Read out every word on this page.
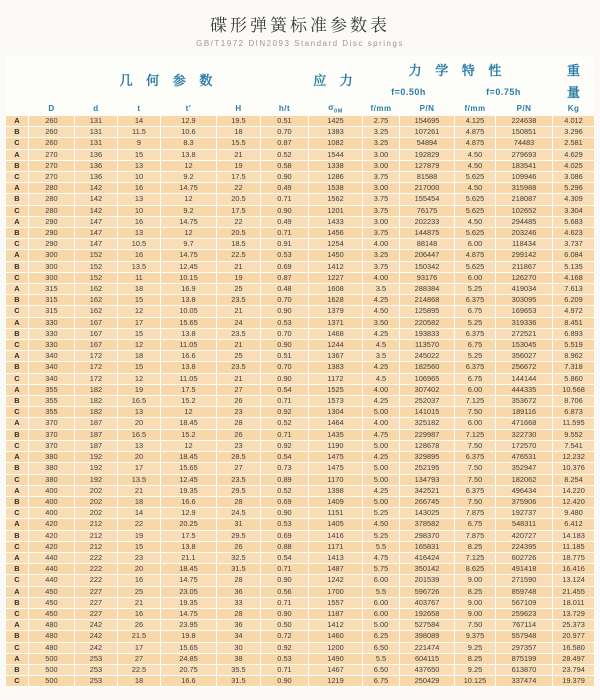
碟形弹簧标准参数表
GB/T1972 DIN2093 Standard Disc springs
	几 何 参 数						应 力	力 学 特 性				重
								f=0.50h		f=0.75h		量
	D	d	t	t'	H	h/t	$\sigma_{0M}$	f/mm	P/N	f/mm	P/N	Kg
A	260	131	14	12.9	19.5	0.51	1425	2.75	154695	4.125	224638	4.012
B	260	131	11.5	10.6	18	0.70	1383	3.25	107261	4.875	150851	3.296
C	260	131	9	8.3	15.5	0.87	1082	3.25	54894	4.875	74483	2.581
A	270	136	15	13.8	21	0.52	1544	3.00	192829	4.50	279693	4.629
B	270	136	13	12	19	0.58	1338	3.00	127879	4.50	183541	4.025
C	270	136	10	9.2	17.5	0.90	1286	3.75	81588	5.625	109946	3.086
A	280	142	16	14.75	22	0.49	1538	3.00	217000	4.50	315988	5.296
B	280	142	13	12	20.5	0.71	1562	3.75	155454	5.625	218087	4.309
C	280	142	10	9.2	17.5	0.90	1201	3.75	76175	5.625	102652	3.304
A	290	147	16	14.75	22	0.49	1433	3.00	202233	4.50	294485	5.683
B	290	147	13	12	20.5	0.71	1456	3.75	144875	5.625	203246	4.623
C	290	147	10.5	9.7	18.5	0.91	1254	4.00	88148	6.00	118434	3.737
A	300	152	16	14.75	22.5	0.53	1450	3.25	206447	4.875	299142	6.084
B	300	152	13.5	12.45	21	0.69	1412	3.75	150342	5.625	211867	5.135
C	300	152	11	10.15	19	0.87	1227	4.00	93176	6.00	126270	4.168
A	315	162	18	16.9	25	0.48	1608	3.5	288384	5.25	419034	7.613
B	315	162	15	13.8	23.5	0.70	1628	4.25	214868	6.375	303095	6.209
C	315	162	12	10.05	21	0.90	1379	4.50	125895	6.75	169653	4.972
A	330	167	17	15.65	24	0.53	1371	3.50	220582	5.25	319336	8.451
B	330	167	15	13.8	23.5	0.70	1468	4.25	193833	6.375	272521	6.893
C	330	167	12	11.05	21	0.90	1244	4.5	113570	6.75	153045	5.519
A	340	172	18	16.6	25	0.51	1367	3.5	245022	5.25	356027	8.962
B	340	172	15	13.8	23.5	0.70	1383	4.25	182560	6.375	256672	7.318
C	340	172	12	11.05	21	0.90	1172	4.5	106965	6.75	144144	5.860
A	355	182	19	17.5	27	0.54	1525	4.00	307402	6.00	444335	10.568
B	355	182	16.5	15.2	26	0.71	1573	4.25	252037	7.125	353672	8.706
C	355	182	13	12	23	0.92	1304	5.00	141015	7.50	189116	6.873
A	370	187	20	18.45	28	0.52	1464	4.00	325182	6.00	471668	11.595
B	370	187	16.5	15.2	26	0.71	1435	4.75	229987	7.125	322730	9.552
C	370	187	13	12	23	0.92	1190	5.00	128678	7.50	172570	7.541
A	380	192	20	18.45	28.5	0.54	1475	4.25	329895	6.375	476531	12.232
B	380	192	17	15.65	27	0.73	1475	5.00	252195	7.50	352947	10.376
C	380	192	13.5	12.45	23.5	0.89	1170	5.00	134793	7.50	182062	8.254
A	400	202	21	19.35	29.5	0.52	1398	4.25	342521	6.375	496434	14.220
B	400	202	18	16.6	28	0.69	1409	5.00	266745	7.50	375906	12.420
C	400	202	14	12.9	24.5	0.90	1151	5.25	143025	7.875	192737	9.480
A	420	212	22	20.25	31	0.53	1405	4.50	378582	6.75	548311	6.412
B	420	212	19	17.5	29.5	0.69	1416	5.25	298370	7.875	420727	14.183
C	420	212	15	13.8	26	0.88	1171	5.5	165831	8.25	224395	11.185
A	440	222	23	21.1	32.5	0.54	1413	4.75	416424	7.125	602726	18.775
B	440	222	20	18.45	31.5	0.71	1487	5.75	350142	8.625	491418	16.416
C	440	222	16	14.75	28	0.90	1242	6.00	201539	9.00	271590	13.124
A	450	227	25	23.05	36	0.56	1700	5.5	596726	8.25	859748	21.455
B	450	227	21	19.35	33	0.71	1557	6.00	403767	9.00	567109	18.011
C	450	227	16	14.75	28	0.90	1187	6.00	192658	9.00	259623	13.729
A	480	242	26	23.95	36	0.50	1412	5.00	527584	7.50	767114	25.373
B	480	242	21.5	19.8	34	0.72	1460	6.25	398089	9.375	557948	20.977
C	480	242	17	15.65	30	0.92	1200	6.50	221474	9.25	297357	16.580
A	500	253	27	24.85	38	0.53	1490	5.5	604115	8.25	875199	28.497
B	500	253	22.5	20.75	35.5	0.71	1467	6.50	437650	9.25	613870	23.794
C	500	253	18	16.6	31.5	0.90	1219	6.75	250429	10.125	337474	19.379
